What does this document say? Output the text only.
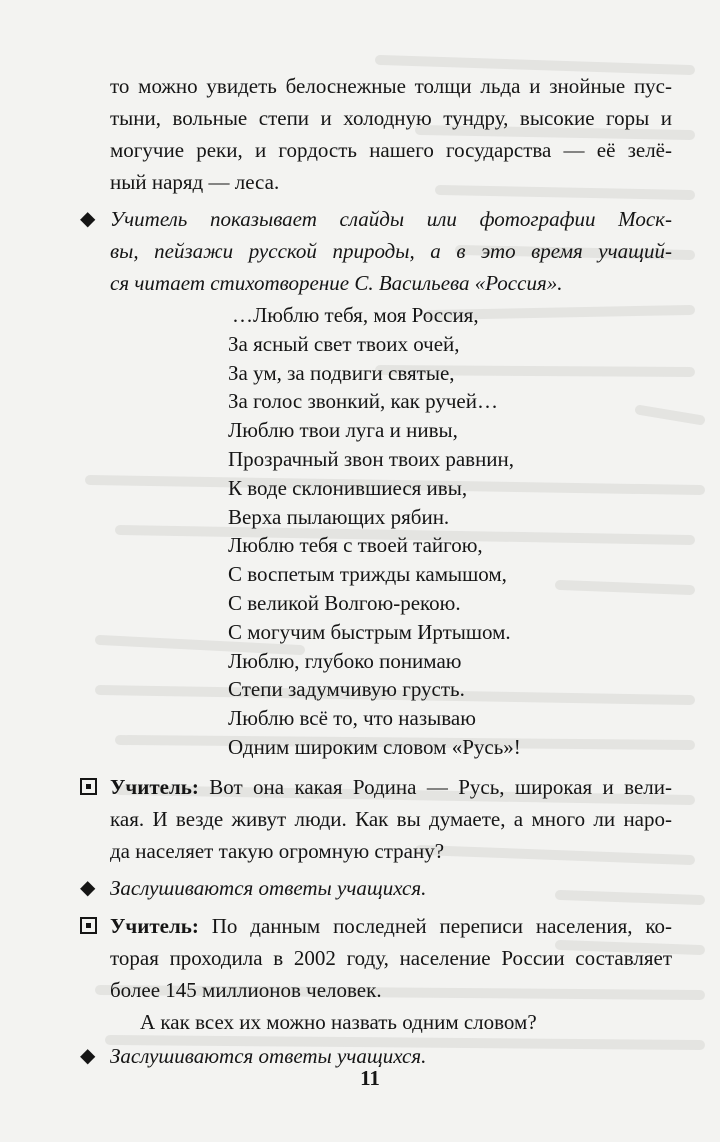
то можно увидеть белоснежные толщи льда и знойные пус-
тыни, вольные степи и холодную тундру, высокие горы и
могучие реки, и гордость нашего государства — её зелё-
ный наряд — леса.
◆ Учитель показывает слайды или фотографии Моск-
вы, пейзажи русской природы, а в это время учащий-
ся читает стихотворение С. Васильева «Россия».
…Люблю тебя, моя Россия,
За ясный свет твоих очей,
За ум, за подвиги святые,
За голос звонкий, как ручей…
Люблю твои луга и нивы,
Прозрачный звон твоих равнин,
К воде склонившиеся ивы,
Верха пылающих рябин.
Люблю тебя с твоей тайгою,
С воспетым трижды камышом,
С великой Волгою-рекою.
С могучим быстрым Иртышом.
Люблю, глубоко понимаю
Степи задумчивую грусть.
Люблю всё то, что называю
Одним широким словом «Русь»!
Учитель: Вот она какая Родина — Русь, широкая и вели-
кая. И везде живут люди. Как вы думаете, а много ли наро-
да населяет такую огромную страну?
◆ Заслушиваются ответы учащихся.
Учитель: По данным последней переписи населения, ко-
торая проходила в 2002 году, население России составляет
более 145 миллионов человек.
А как всех их можно назвать одним словом?
◆ Заслушиваются ответы учащихся.
11
